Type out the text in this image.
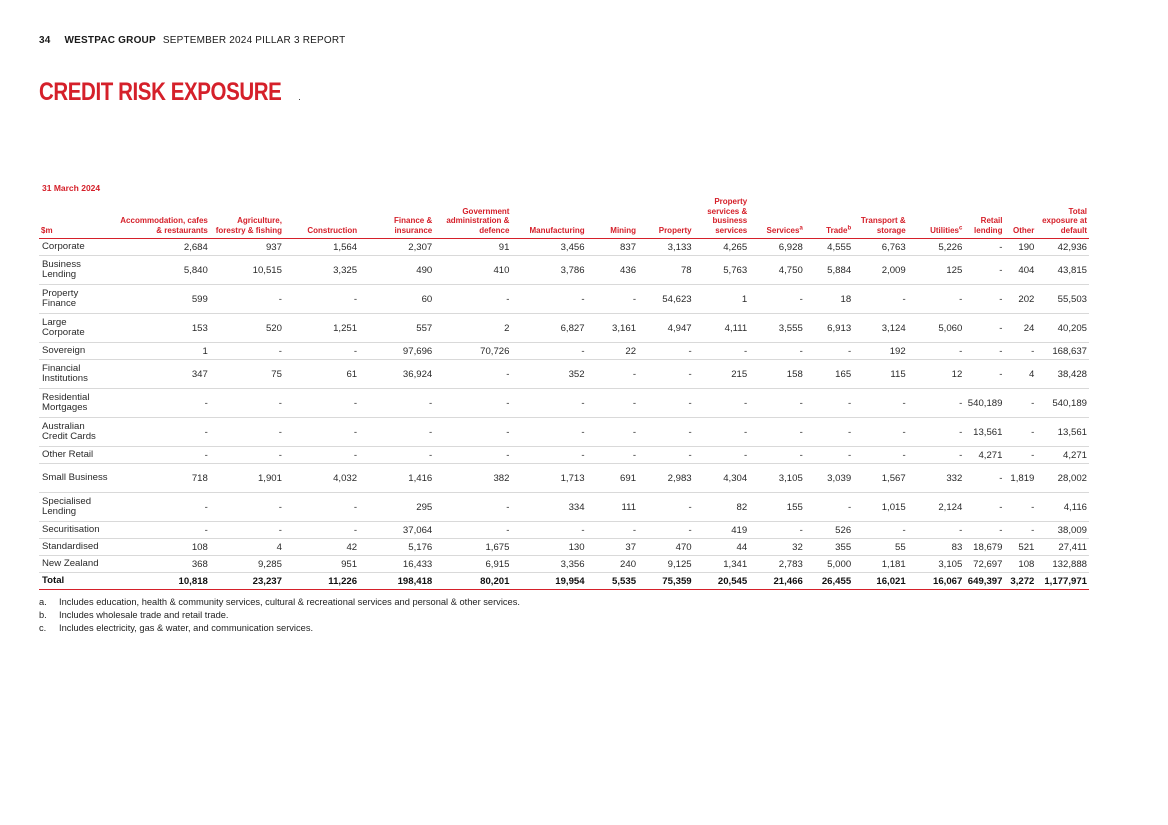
34 WESTPAC GROUP SEPTEMBER 2024 PILLAR 3 REPORT
CREDIT RISK EXPOSURE
31 March 2024
$m	Accommodation, cafes & restaurants	Agriculture, forestry & fishing	Construction	Finance & insurance	Government administration & defence	Manufacturing	Mining	Property	Property services & business services	Services$^a$	Trade$^b$	Transport & storage	Utilities$^c$	Retail lending	Other	Total exposure at default
Corporate	2,684	937	1,564	2,307	91	3,456	837	3,133	4,265	6,928	4,555	6,763	5,226	-	190	42,936
Business Lending	5,840	10,515	3,325	490	410	3,786	436	78	5,763	4,750	5,884	2,009	125	-	404	43,815
Property Finance	599	-	-	60	-	-	-	54,623	1	-	18	-	-	-	202	55,503
Large Corporate	153	520	1,251	557	2	6,827	3,161	4,947	4,111	3,555	6,913	3,124	5,060	-	24	40,205
Sovereign	1	-	-	97,696	70,726	-	22	-	-	-	-	192	-	-	-	168,637
Financial Institutions	347	75	61	36,924	-	352	-	-	215	158	165	115	12	-	4	38,428
Residential Mortgages	-	-	-	-	-	-	-	-	-	-	-	-	-	540,189	-	540,189
Australian Credit Cards	-	-	-	-	-	-	-	-	-	-	-	-	-	13,561	-	13,561
Other Retail	-	-	-	-	-	-	-	-	-	-	-	-	-	4,271	-	4,271
Small Business	718	1,901	4,032	1,416	382	1,713	691	2,983	4,304	3,105	3,039	1,567	332	-	1,819	28,002
Specialised Lending	-	-	-	295	-	334	111	-	82	155	-	1,015	2,124	-	-	4,116
Securitisation	-	-	-	37,064	-	-	-	-	419	-	526	-	-	-	-	38,009
Standardised	108	4	42	5,176	1,675	130	37	470	44	32	355	55	83	18,679	521	27,411
New Zealand	368	9,285	951	16,433	6,915	3,356	240	9,125	1,341	2,783	5,000	1,181	3,105	72,697	108	132,888
Total	10,818	23,237	11,226	198,418	80,201	19,954	5,535	75,359	20,545	21,466	26,455	16,021	16,067	649,397	3,272	1,177,971
a.	Includes education, health & community services, cultural & recreational services and personal & other services.
b.	Includes wholesale trade and retail trade.
c.	Includes electricity, gas & water, and communication services.
